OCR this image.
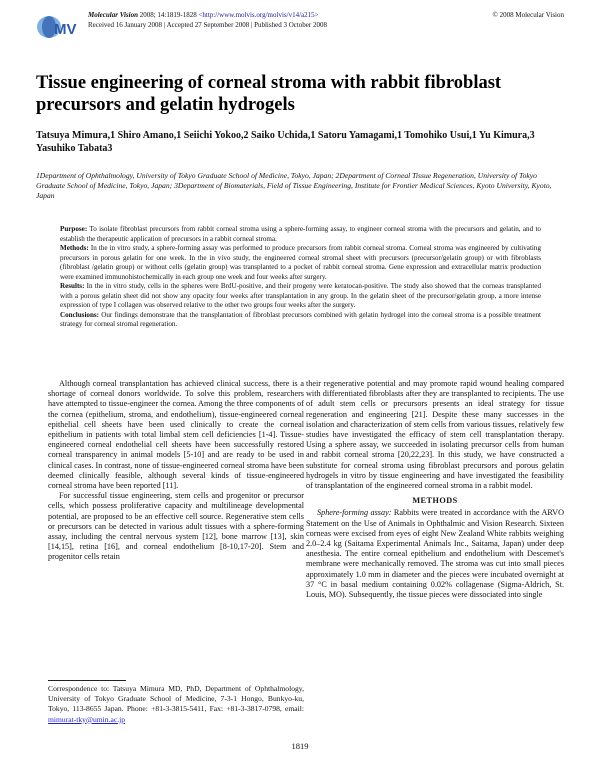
MV
Molecular Vision 2008; 14:1819-1828 <http://www.molvis.org/molvis/v14/a215>
Received 16 January 2008 | Accepted 27 September 2008 | Published 3 October 2008
© 2008 Molecular Vision
Tissue engineering of corneal stroma with rabbit fibroblast precursors and gelatin hydrogels
Tatsuya Mimura,1 Shiro Amano,1 Seiichi Yokoo,2 Saiko Uchida,1 Satoru Yamagami,1 Tomohiko Usui,1 Yu Kimura,3 Yasuhiko Tabata3
1Department of Ophthalmology, University of Tokyo Graduate School of Medicine, Tokyo, Japan; 2Department of Corneal Tissue Regeneration, University of Tokyo Graduate School of Medicine, Tokyo, Japan; 3Department of Biomaterials, Field of Tissue Engineering, Institute for Frontier Medical Sciences, Kyoto University, Kyoto, Japan

Purpose: To isolate fibroblast precursors from rabbit corneal stroma using a sphere-forming assay, to engineer corneal stroma with the precursors and gelatin, and to establish the therapeutic application of precursors in a rabbit corneal stroma.

Methods: In the in vitro study, a sphere-forming assay was performed to produce precursors from rabbit corneal stroma. Corneal stroma was engineered by cultivating precursors in porous gelatin for one week. In the in vivo study, the engineered corneal stromal sheet with precursors (precursor/gelatin group) or with fibroblasts (fibroblast /gelatin group) or without cells (gelatin group) was transplanted to a pocket of rabbit corneal stroma. Gene expression and extracellular matrix production were examined immunohistochemically in each group one week and four weeks after surgery.

Results: In the in vitro study, cells in the spheres were BrdU-positive, and their progeny were keratocan-positive. The study also showed that the corneas transplanted with a porous gelatin sheet did not show any opacity four weeks after transplantation in any group. In the gelatin sheet of the precursor/gelatin group, a more intense expression of type I collagen was observed relative to the other two groups four weeks after the surgery.

Conclusions: Our findings demonstrate that the transplantation of fibroblast precursors combined with gelatin hydrogel into the corneal stroma is a possible treatment strategy for corneal stromal regeneration.

Although corneal transplantation has achieved clinical success, there is a shortage of corneal donors worldwide. To solve this problem, researchers have attempted to tissue-engineer the cornea. Among the three components of the cornea (epithelium, stroma, and endothelium), tissue-engineered corneal epithelial cell sheets have been used clinically to create the corneal epithelium in patients with total limbal stem cell deficiencies [1-4]. Tissue-engineered corneal endothelial cell sheets have been successfully restored corneal transparency in animal models [5-10] and are ready to be used in clinical cases. In contrast, none of tissue-engineered corneal stroma have been deemed clinically feasible, although several kinds of tissue-engineered corneal stroma have been reported [11].

For successful tissue engineering, stem cells and progenitor or precursor cells, which possess proliferative capacity and multilineage developmental potential, are proposed to be an effective cell source. Regenerative stem cells or precursors can be detected in various adult tissues with a sphere-forming assay, including the central nervous system [12], bone marrow [13], skin [14,15], retina [16], and corneal endothelium [8-10,17-20]. Stem and progenitor cells retain

their regenerative potential and may promote rapid wound healing compared with differentiated fibroblasts after they are transplanted to recipients. The use of adult stem cells or precursors presents an ideal strategy for tissue regeneration and engineering [21]. Despite these many successes in the isolation and characterization of stem cells from various tissues, relatively few studies have investigated the efficacy of stem cell transplantation therapy. Using a sphere assay, we succeeded in isolating precursor cells from human and rabbit corneal stroma [20,22,23]. In this study, we have constructed a substitute for corneal stroma using fibroblast precursors and porous gelatin hydrogels in vitro by tissue engineering and have investigated the feasibility of transplantation of the engineered corneal stroma in a rabbit model.

METHODS

Sphere-forming assay: Rabbits were treated in accordance with the ARVO Statement on the Use of Animals in Ophthalmic and Vision Research. Sixteen corneas were excised from eyes of eight New Zealand White rabbits weighing 2.0–2.4 kg (Saitama Experimental Animals Inc., Saitama, Japan) under deep anesthesia. The entire corneal epithelium and endothelium with Descemet's membrane were mechanically removed. The stroma was cut into small pieces approximately 1.0 mm in diameter and the pieces were incubated overnight at 37 °C in basal medium containing 0.02% collagenase (Sigma-Aldrich, St. Louis, MO). Subsequently, the tissue pieces were dissociated into single

Correspondence to: Tatsuya Mimura MD, PhD, Department of Ophthalmology, University of Tokyo Graduate School of Medicine, 7-3-1 Hongo, Bunkyo-ku, Tokyo, 113-8655 Japan. Phone: +81-3-3815-5411, Fax: +81-3-3817-0798, email: mimurat-tky@umin.ac.jp
1819
